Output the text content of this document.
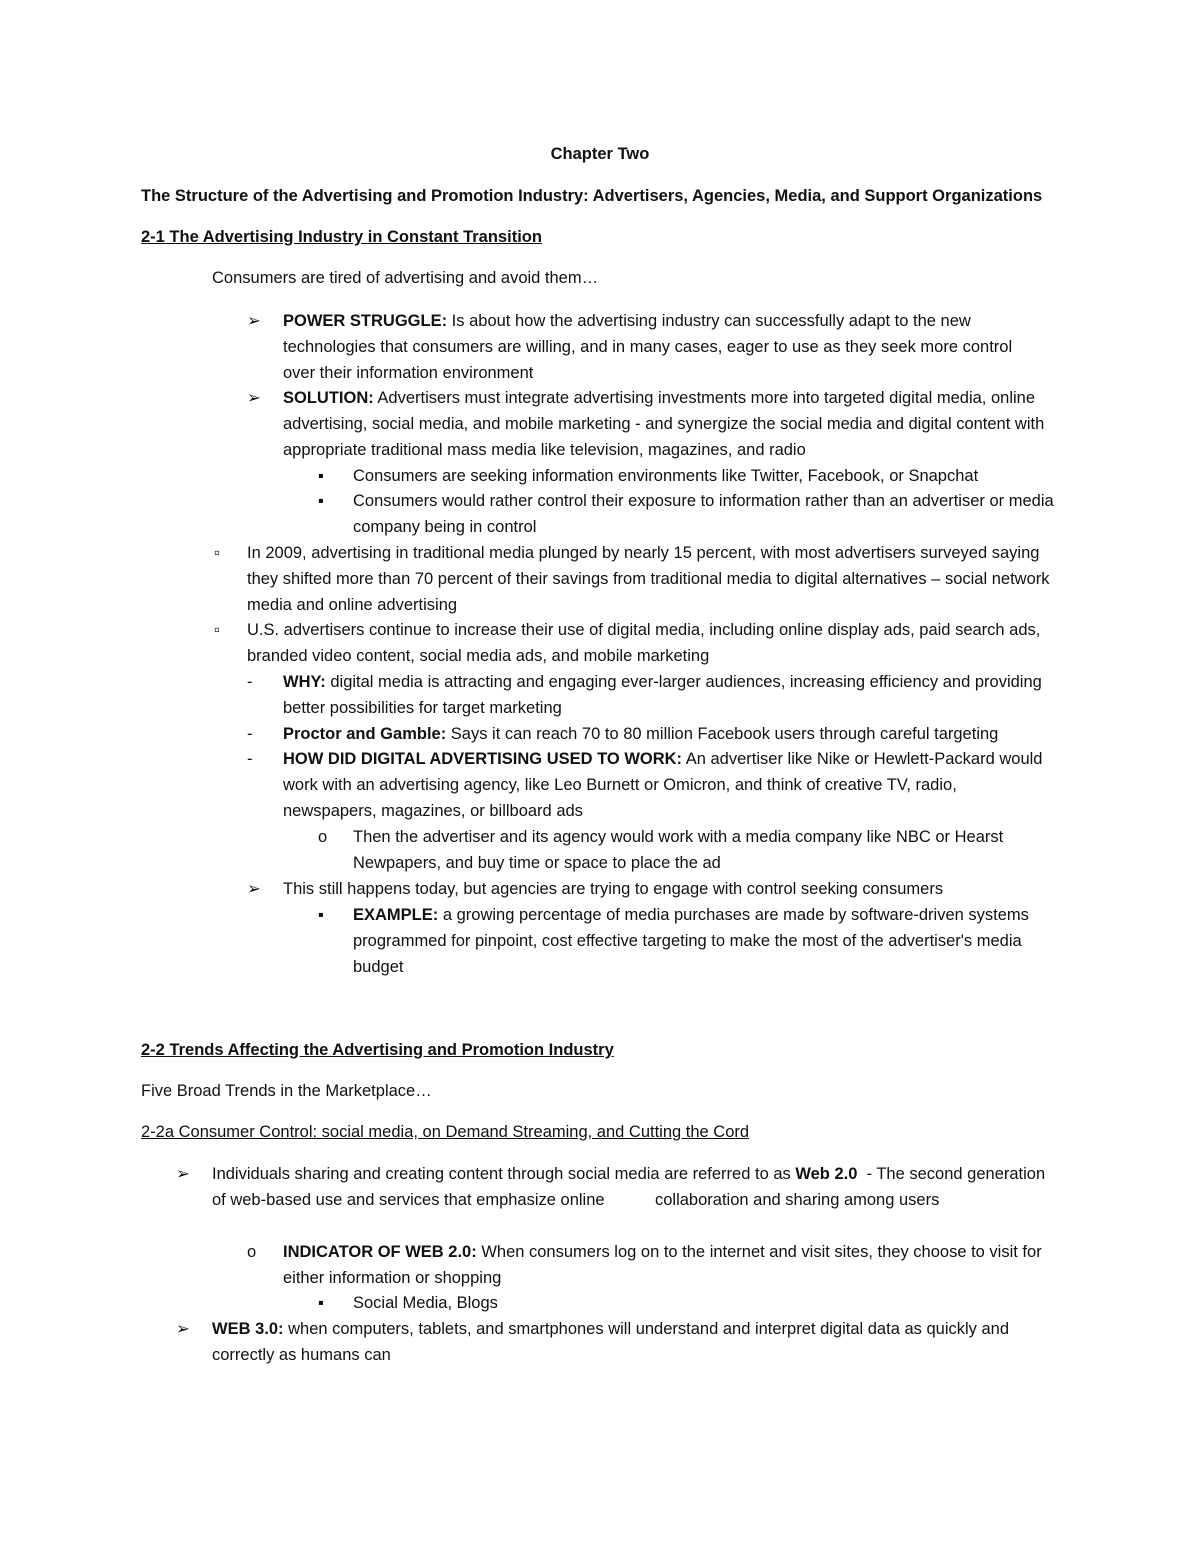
Chapter Two
The Structure of the Advertising and Promotion Industry: Advertisers, Agencies, Media, and Support Organizations
2-1 The Advertising Industry in Constant Transition
Consumers are tired of advertising and avoid them…
➢ POWER STRUGGLE: Is about how the advertising industry can successfully adapt to the new technologies that consumers are willing, and in many cases, eager to use as they seek more control over their information environment
➢ SOLUTION: Advertisers must integrate advertising investments more into targeted digital media, online advertising, social media, and mobile marketing - and synergize the social media and digital content with appropriate traditional mass media like television, magazines, and radio
▪ Consumers are seeking information environments like Twitter, Facebook, or Snapchat
▪ Consumers would rather control their exposure to information rather than an advertiser or media company being in control
▫ In 2009, advertising in traditional media plunged by nearly 15 percent, with most advertisers surveyed saying they shifted more than 70 percent of their savings from traditional media to digital alternatives – social network media and online advertising
▫ U.S. advertisers continue to increase their use of digital media, including online display ads, paid search ads, branded video content, social media ads, and mobile marketing
- WHY: digital media is attracting and engaging ever-larger audiences, increasing efficiency and providing better possibilities for target marketing
- Proctor and Gamble: Says it can reach 70 to 80 million Facebook users through careful targeting
- HOW DID DIGITAL ADVERTISING USED TO WORK: An advertiser like Nike or Hewlett-Packard would work with an advertising agency, like Leo Burnett or Omicron, and think of creative TV, radio, newspapers, magazines, or billboard ads
o Then the advertiser and its agency would work with a media company like NBC or Hearst Newpapers, and buy time or space to place the ad
➢ This still happens today, but agencies are trying to engage with control seeking consumers
▪ EXAMPLE: a growing percentage of media purchases are made by software-driven systems programmed for pinpoint, cost effective targeting to make the most of the advertiser's media budget
2-2 Trends Affecting the Advertising and Promotion Industry
Five Broad Trends in the Marketplace…
2-2a Consumer Control: social media, on Demand Streaming, and Cutting the Cord
➢ Individuals sharing and creating content through social media are referred to as Web 2.0  - The second generation of web-based use and services that emphasize online           collaboration and sharing among users
o INDICATOR OF WEB 2.0: When consumers log on to the internet and visit sites, they choose to visit for either information or shopping
▪ Social Media, Blogs
➢ WEB 3.0: when computers, tablets, and smartphones will understand and interpret digital data as quickly and correctly as humans can
